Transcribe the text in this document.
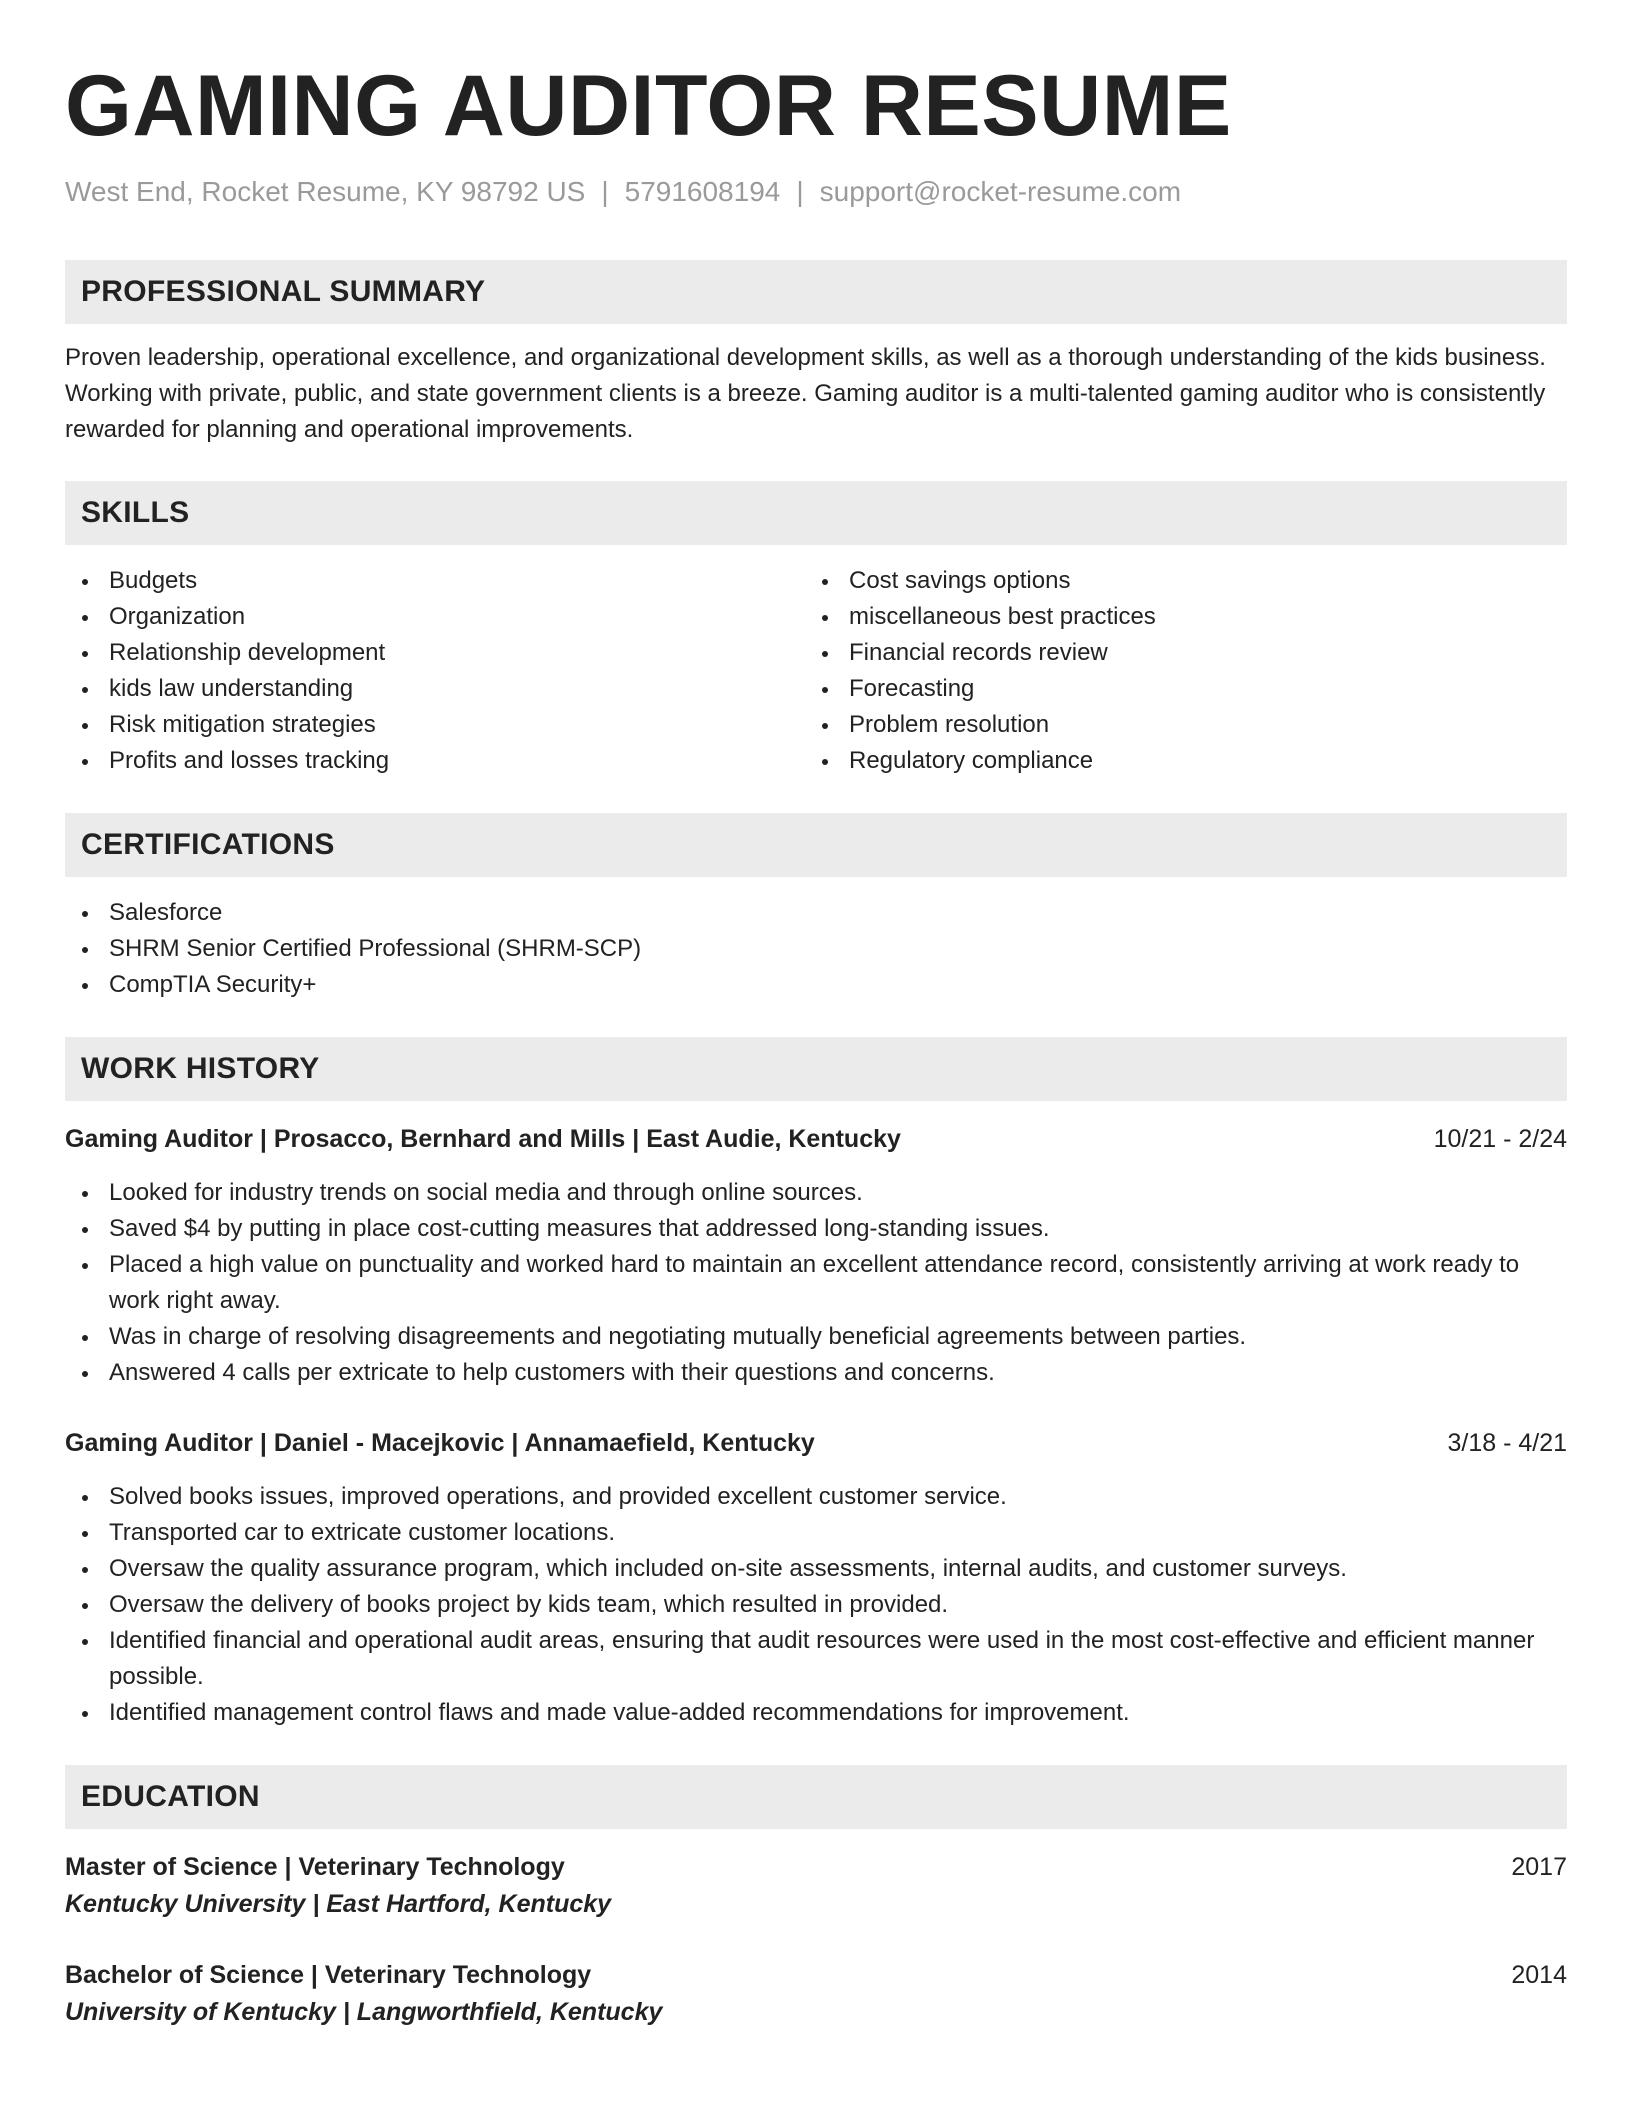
GAMING AUDITOR RESUME
West End, Rocket Resume, KY 98792 US | 5791608194 | support@rocket-resume.com
PROFESSIONAL SUMMARY

Proven leadership, operational excellence, and organizational development skills, as well as a thorough understanding of the kids business. Working with private, public, and state government clients is a breeze. Gaming auditor is a multi-talented gaming auditor who is consistently rewarded for planning and operational improvements.

SKILLS
Budgets
Organization
Relationship development
kids law understanding
Risk mitigation strategies
Profits and losses tracking
Cost savings options
miscellaneous best practices
Financial records review
Forecasting
Problem resolution
Regulatory compliance
CERTIFICATIONS
Salesforce
SHRM Senior Certified Professional (SHRM-SCP)
CompTIA Security+
WORK HISTORY
Gaming Auditor | Prosacco, Bernhard and Mills | East Audie, Kentucky	10/21 - 2/24
Looked for industry trends on social media and through online sources.
Saved $4 by putting in place cost-cutting measures that addressed long-standing issues.
Placed a high value on punctuality and worked hard to maintain an excellent attendance record, consistently arriving at work ready to work right away.
Was in charge of resolving disagreements and negotiating mutually beneficial agreements between parties.
Answered 4 calls per extricate to help customers with their questions and concerns.
Gaming Auditor | Daniel - Macejkovic | Annamaefield, Kentucky	3/18 - 4/21
Solved books issues, improved operations, and provided excellent customer service.
Transported car to extricate customer locations.
Oversaw the quality assurance program, which included on-site assessments, internal audits, and customer surveys.
Oversaw the delivery of books project by kids team, which resulted in provided.
Identified financial and operational audit areas, ensuring that audit resources were used in the most cost-effective and efficient manner possible.
Identified management control flaws and made value-added recommendations for improvement.
EDUCATION
Master of Science | Veterinary Technology	2017
Kentucky University | East Hartford, Kentucky
Bachelor of Science | Veterinary Technology	2014
University of Kentucky | Langworthfield, Kentucky
